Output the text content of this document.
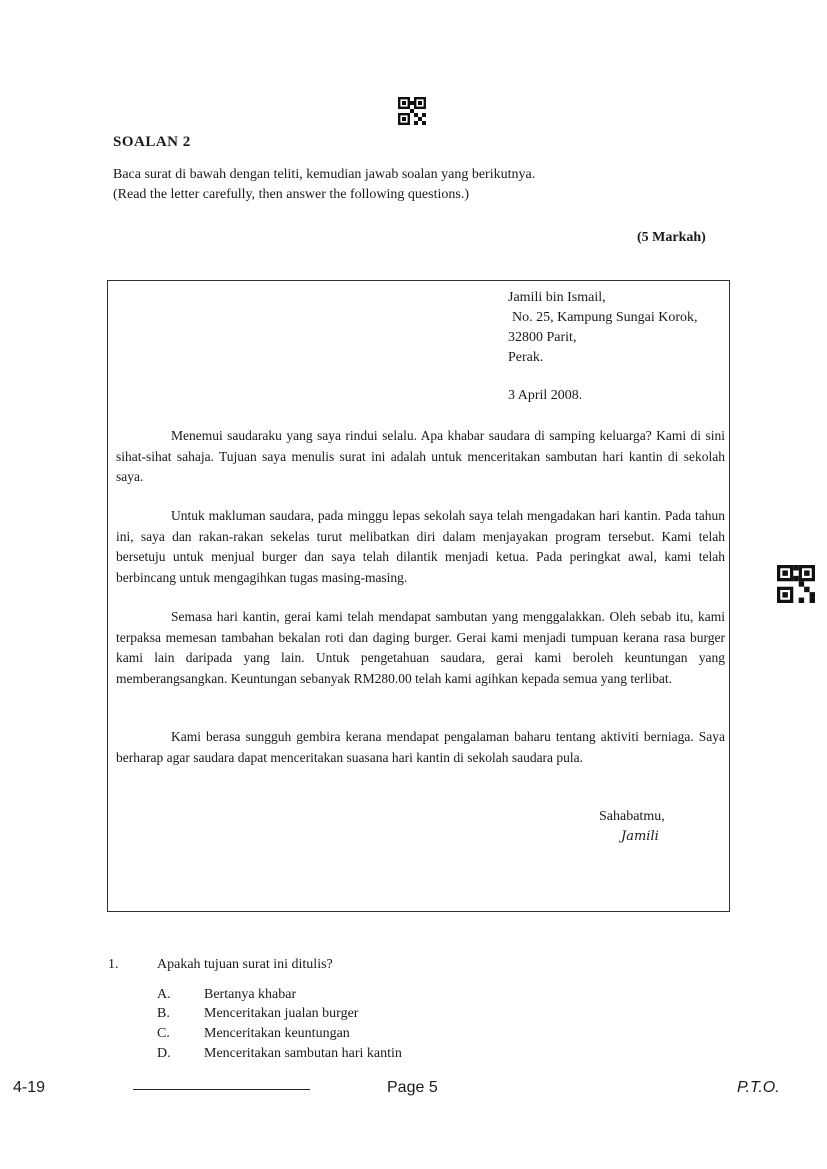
SOALAN 2
Baca surat di bawah dengan teliti, kemudian jawab soalan yang berikutnya.
(Read the letter carefully, then answer the following questions.)
(5 Markah)
Jamili bin Ismail,
No. 25, Kampung Sungai Korok,
32800 Parit,
Perak.
3 April 2008.

Menemui saudaraku yang saya rindui selalu. Apa khabar saudara di samping keluarga? Kami di sini sihat-sihat sahaja. Tujuan saya menulis surat ini adalah untuk menceritakan sambutan hari kantin di sekolah saya.

Untuk makluman saudara, pada minggu lepas sekolah saya telah mengadakan hari kantin. Pada tahun ini, saya dan rakan-rakan sekelas turut melibatkan diri dalam menjayakan program tersebut. Kami telah bersetuju untuk menjual burger dan saya telah dilantik menjadi ketua. Pada peringkat awal, kami telah berbincang untuk mengagihkan tugas masing-masing.

Semasa hari kantin, gerai kami telah mendapat sambutan yang menggalakkan. Oleh sebab itu, kami terpaksa memesan tambahan bekalan roti dan daging burger. Gerai kami menjadi tumpuan kerana rasa burger kami lain daripada yang lain. Untuk pengetahuan saudara, gerai kami beroleh keuntungan yang memberangsangkan. Keuntungan sebanyak RM280.00 telah kami agihkan kepada semua yang terlibat.

Kami berasa sungguh gembira kerana mendapat pengalaman baharu tentang aktiviti berniaga. Saya berharap agar saudara dapat menceritakan suasana hari kantin di sekolah saudara pula.

Sahabatmu,
Jamili
1.	Apakah tujuan surat ini ditulis?
A. Bertanya khabar
B. Menceritakan jualan burger
C. Menceritakan keuntungan
D. Menceritakan sambutan hari kantin
4-19	Page 5	P.T.O.
